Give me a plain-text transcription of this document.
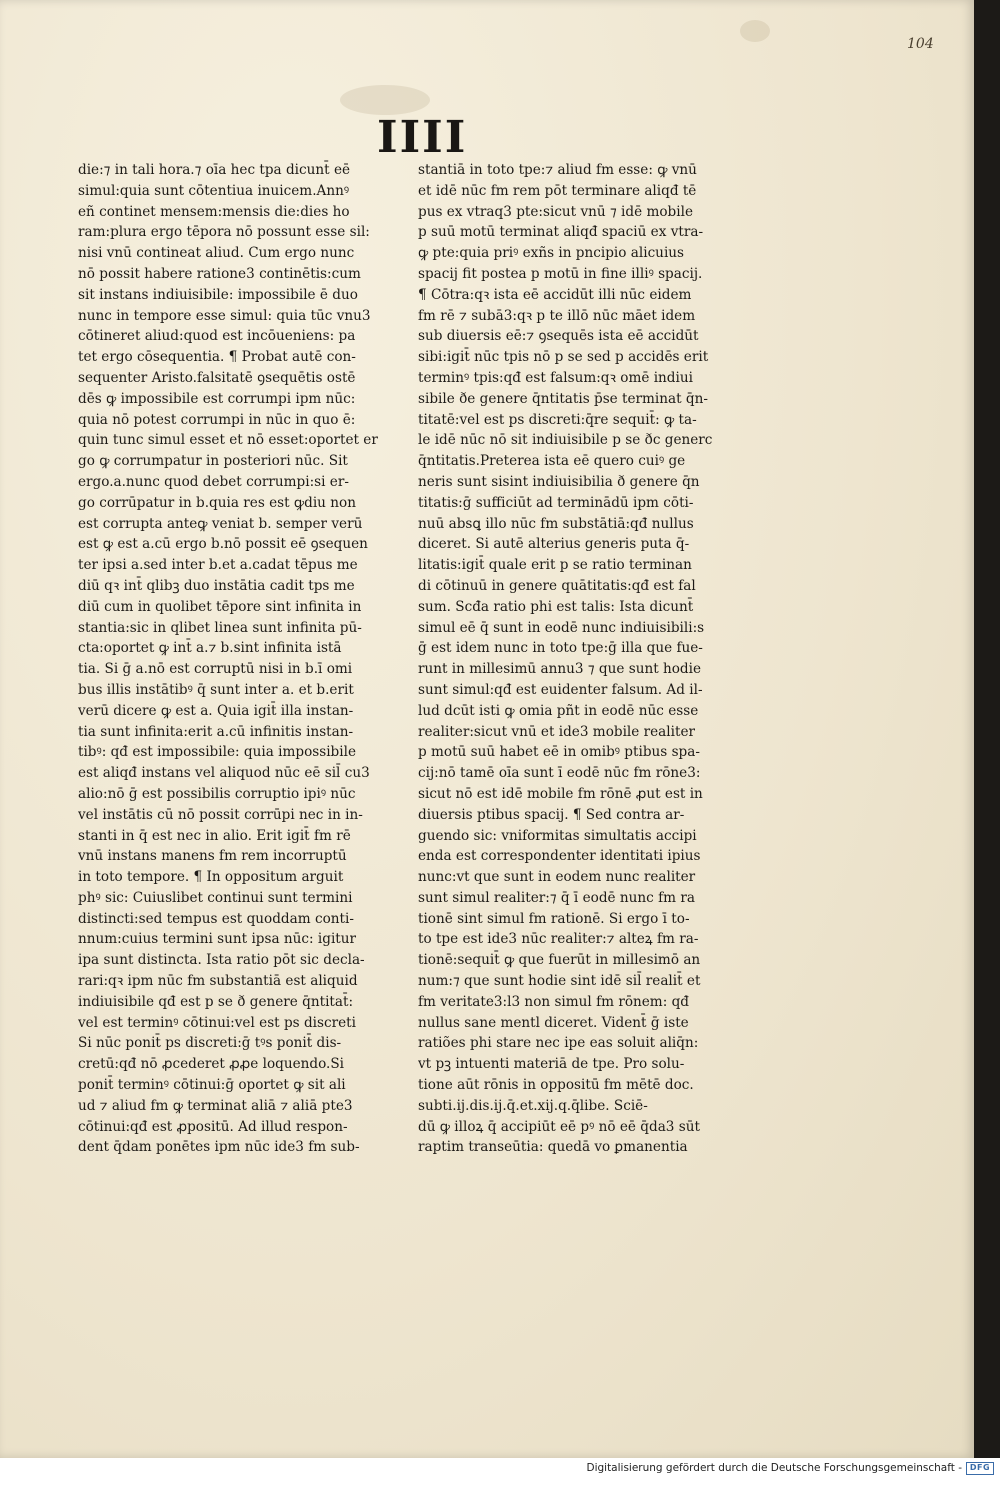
104
IIII
die:⁊ in tali hora.⁊ oīa hec tpa dicunt̄ eē
simul:quia sunt cōtentiua inuicem.Annꝰ
eñ continet mensem:mensis die:dies ho
ram:plura ergo tēpora nō possunt esse sil:
nisi vnū contineat aliud. Cum ergo nunc
nō possit habere ratione3 continētis:cum
sit instans indiuisibile: impossibile ē duo
nunc in tempore esse simul: quia tūc vnu3
cōtineret aliud:quod est incōueniens: pa
tet ergo cōsequentia. ¶ Probat autē con-
sequenter Aristo.falsitatē ꝯsequētis ostē
dēs ꝙ impossibile est corrumpi ipm nūc:
quia nō potest corrumpi in nūc in quo ē:
quin tunc simul esset et nō esset:oportet er
go ꝙ corrumpatur in posteriori nūc. Sit
ergo.a.nunc quod debet corrumpi:si er-
go corrūpatur in b.quia res est ꝙdiu non
est corrupta anteꝙ veniat b. semper verū
est ꝙ est a.cū ergo b.nō possit eē ꝯsequen
ter ipsi a.sed inter b.et a.cadat tēpus me
diū qꝛ int̄ qlibꝫ duo instātia cadit tps me
diū cum in quolibet tēpore sint infinita in
stantia:sic in qlibet linea sunt infinita pū-
cta:oportet ꝙ int̄ a.⁊ b.sint infinita istā
tia. Si ḡ a.nō est corruptū nisi in b.ī omi
bus illis instātibꝰ q̄ sunt inter a. et b.erit
verū dicere ꝙ est a. Quia igit̄ illa instan-
tia sunt infinita:erit a.cū infinitis instan-
tibꝰ: qđ est impossibile: quia impossibile
est aliqđ instans vel aliquod nūc eē sil̄ cu3
alio:nō ḡ est possibilis corruptio ipiꝰ nūc
vel instātis cū nō possit corrūpi nec in in-
stanti in q̄ est nec in alio. Erit igit̄ fm rē
vnū instans manens fm rem incorruptū
in toto tempore. ¶ In oppositum arguit
phꝰ sic: Cuiuslibet continui sunt termini
distincti:sed tempus est quoddam conti-
nnum:cuius termini sunt ipsa nūc: igitur
ipa sunt distincta. Ista ratio pōt sic decla-
rari:qꝛ ipm nūc fm substantiā est aliquid
indiuisibile qđ est p se ð genere q̄ntitat̄:
vel est terminꝰ cōtinui:vel est ps discreti
Si nūc ponit̄ ps discreti:ḡ tꝰs ponit̄ dis-
cretū:qđ nō ꝓcederet ꝓꝓe loquendo.Si
ponit̄ terminꝰ cōtinui:ḡ oportet ꝙ sit ali
ud ⁊ aliud fm ꝙ terminat aliā ⁊ aliā pte3
cōtinui:qđ est ꝓpositū. Ad illud respon-
dent q̄dam ponētes ipm nūc ide3 fm sub-
stantiā in toto tpe:⁊ aliud fm esse: ꝙ vnū
et idē nūc fm rem pōt terminare aliqđ tē
pus ex vtraq3 pte:sicut vnū ⁊ idē mobile
p suū motū terminat aliqđ spaciū ex vtra-
ꝙ pte:quia priꝰ exñs in pncipio alicuius
spacij fit postea p motū in fine illiꝰ spacij.
¶ Cōtra:qꝛ ista eē accidūt illi nūc eidem
fm rē ⁊ subā3:qꝛ p te illō nūc māet idem
sub diuersis eē:⁊ ꝯsequēs ista eē accidūt
sibi:igit̄ nūc tpis nō p se sed p accidēs erit
terminꝰ tpis:qđ est falsum:qꝛ omē indiui
sibile ðe genere q̄ntitatis p̄se terminat q̄n-
titatē:vel est ps discreti:q̄re sequit̄: ꝙ ta-
le idē nūc nō sit indiuisibile p se ðc generc
q̄ntitatis.Preterea ista eē quero cuiꝰ ge
neris sunt sisint indiuisibilia ð genere q̄n
titatis:ḡ sufficiūt ad terminādū ipm cōti-
nuū absꝗ illo nūc fm substātiā:qđ nullus
diceret. Si autē alterius generis puta q̄-
litatis:igit̄ quale erit p se ratio terminan
di cōtinuū in genere quātitatis:qđ est fal
sum. Scđa ratio phi est talis: Ista dicunt̄
simul eē q̄ sunt in eodē nunc indiuisibili:s
ḡ est idem nunc in toto tpe:ḡ illa que fue-
runt in millesimū annu3 ⁊ que sunt hodie
sunt simul:qđ est euidenter falsum. Ad il-
lud dcūt isti ꝙ omia pñt in eodē nūc esse
realiter:sicut vnū et ide3 mobile realiter
p motū suū habet eē in omibꝰ ptibus spa-
cij:nō tamē oīa sunt ī eodē nūc fm rōne3:
sicut nō est idē mobile fm rōnē ꝓut est in
diuersis ptibus spacij. ¶ Sed contra ar-
guendo sic: vniformitas simultatis accipi
enda est correspondenter identitati ipius
nunc:vt que sunt in eodem nunc realiter
sunt simul realiter:⁊ q̄ ī eodē nunc fm ra
tionē sint simul fm rationē. Si ergo ī to-
to tpe est ide3 nūc realiter:⁊ alteꝝ fm ra-
tionē:sequit̄ ꝙ que fuerūt in millesimō an
num:⁊ que sunt hodie sint idē sil̄ realit̄ et
fm veritate3:l3 non simul fm rōnem: qđ
nullus sane mentl diceret. Vident̄ ḡ iste
ratiões phi stare nec ipe eas soluit aliq̄n:
vt pꝫ intuenti materiā de tpe. Pro solu-
tione aūt rōnis in oppositū fm mētē doc.
subti.ij.dis.ij.q̄.et.xij.q.q̄libe. Sciē-
dū ꝙ illoꝝ q̄ accipiūt eē pꝰ nō eē q̄da3 sūt
raptim transeūtia: quedā vo ꝑmanentia
Digitalisierung gefördert durch die Deutsche Forschungsgemeinschaft - DFG
